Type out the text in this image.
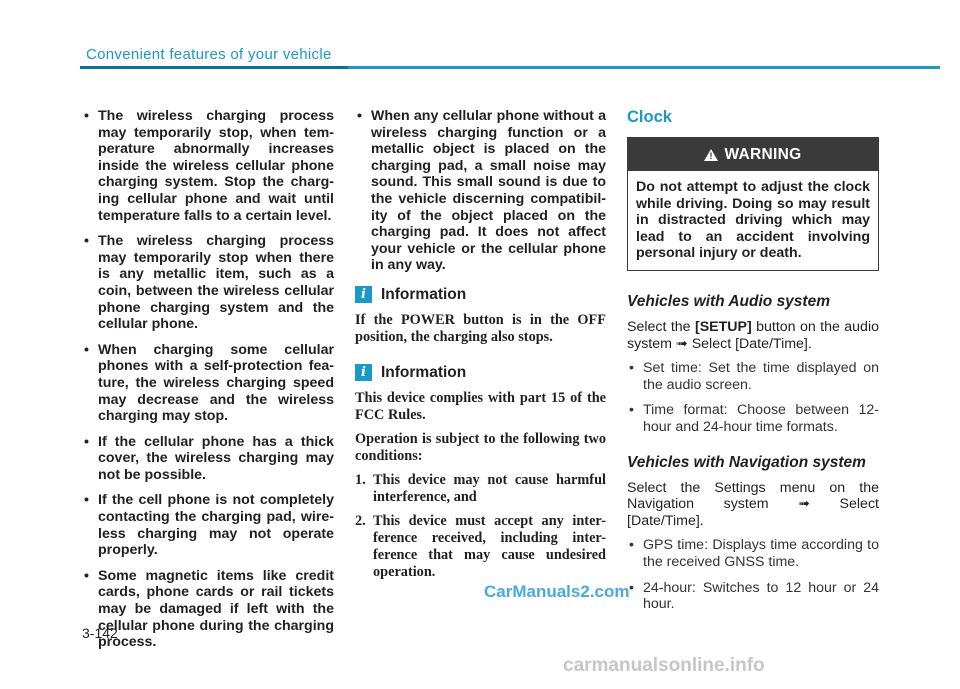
Convenient features of your vehicle
• The wireless charging process may temporarily stop, when tem-perature abnormally increases inside the wireless cellular phone charging system. Stop the charg-ing cellular phone and wait until temperature falls to a certain level.
• The wireless charging process may temporarily stop when there is any metallic item, such as a coin, between the wireless cellular phone charging system and the cellular phone.
• When charging some cellular phones with a self-protection fea-ture, the wireless charging speed may decrease and the wireless charging may stop.
• If the cellular phone has a thick cover, the wireless charging may not be possible.
• If the cell phone is not completely contacting the charging pad, wire-less charging may not operate properly.
• Some magnetic items like credit cards, phone cards or rail tickets may be damaged if left with the cellular phone during the charging process.
• When any cellular phone without a wireless charging function or a metallic object is placed on the charging pad, a small noise may sound. This small sound is due to the vehicle discerning compatibil-ity of the object placed on the charging pad. It does not affect your vehicle or the cellular phone in any way.
i Information

If the POWER button is in the OFF position, the charging also stops.

i Information

This device complies with part 15 of the FCC Rules.

Operation is subject to the following two conditions:

1. This device may not cause harmful interference, and

2. This device must accept any inter-ference received, including inter-ference that may cause undesired operation.

Clock
! WARNING
Do not attempt to adjust the clock while driving. Doing so may result in distracted driving which may lead to an accident involving personal injury or death.
Vehicles with Audio system

Select the [SETUP] button on the audio system ➟ Select [Date/Time].

• Set time: Set the time displayed on the audio screen.
• Time format: Choose between 12-hour and 24-hour time formats.
Vehicles with Navigation system

Select the Settings menu on the Navigation system ➟ Select [Date/Time].

• GPS time: Displays time according to the received GNSS time.
• 24-hour: Switches to 12 hour or 24 hour.
3-142
CarManuals2.com
carmanualsonline.info
